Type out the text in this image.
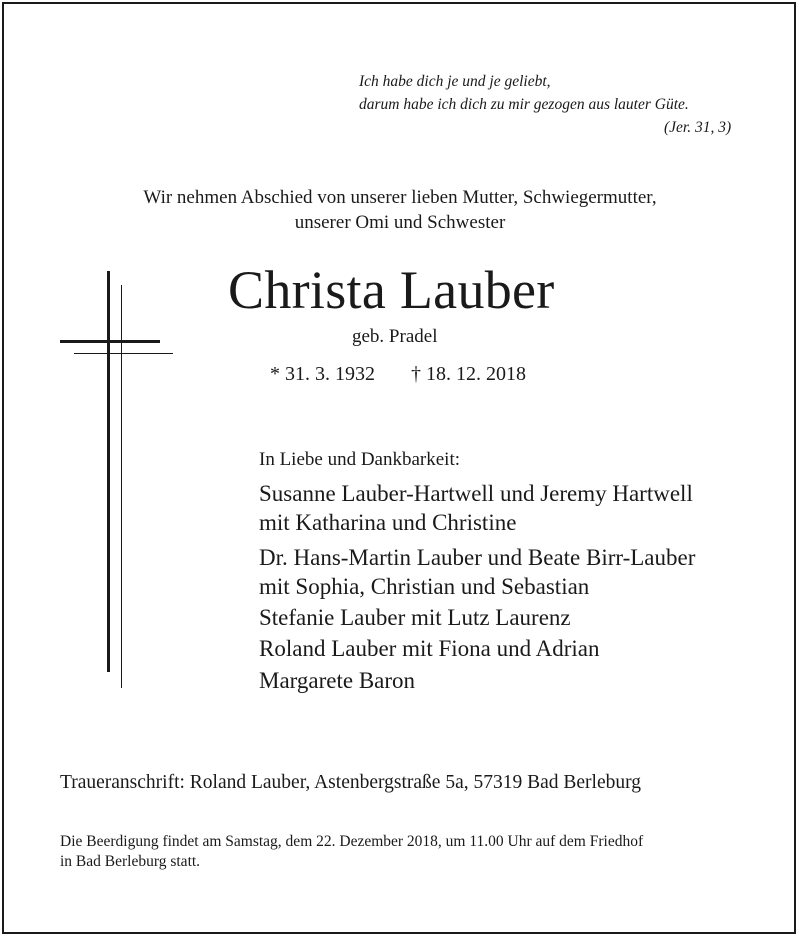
Ich habe dich je und je geliebt,
darum habe ich dich zu mir gezogen aus lauter Güte.
(Jer. 31, 3)
Wir nehmen Abschied von unserer lieben Mutter, Schwiegermutter,
unserer Omi und Schwester
Christa Lauber
geb. Pradel
* 31. 3. 1932 † 18. 12. 2018
In Liebe und Dankbarkeit:
Susanne Lauber-Hartwell und Jeremy Hartwell
mit Katharina und Christine
Dr. Hans-Martin Lauber und Beate Birr-Lauber
mit Sophia, Christian und Sebastian
Stefanie Lauber mit Lutz Laurenz
Roland Lauber mit Fiona und Adrian
Margarete Baron
Traueranschrift: Roland Lauber, Astenbergstraße 5a, 57319 Bad Berleburg
Die Beerdigung findet am Samstag, dem 22. Dezember 2018, um 11.00 Uhr auf dem Friedhof
in Bad Berleburg statt.
